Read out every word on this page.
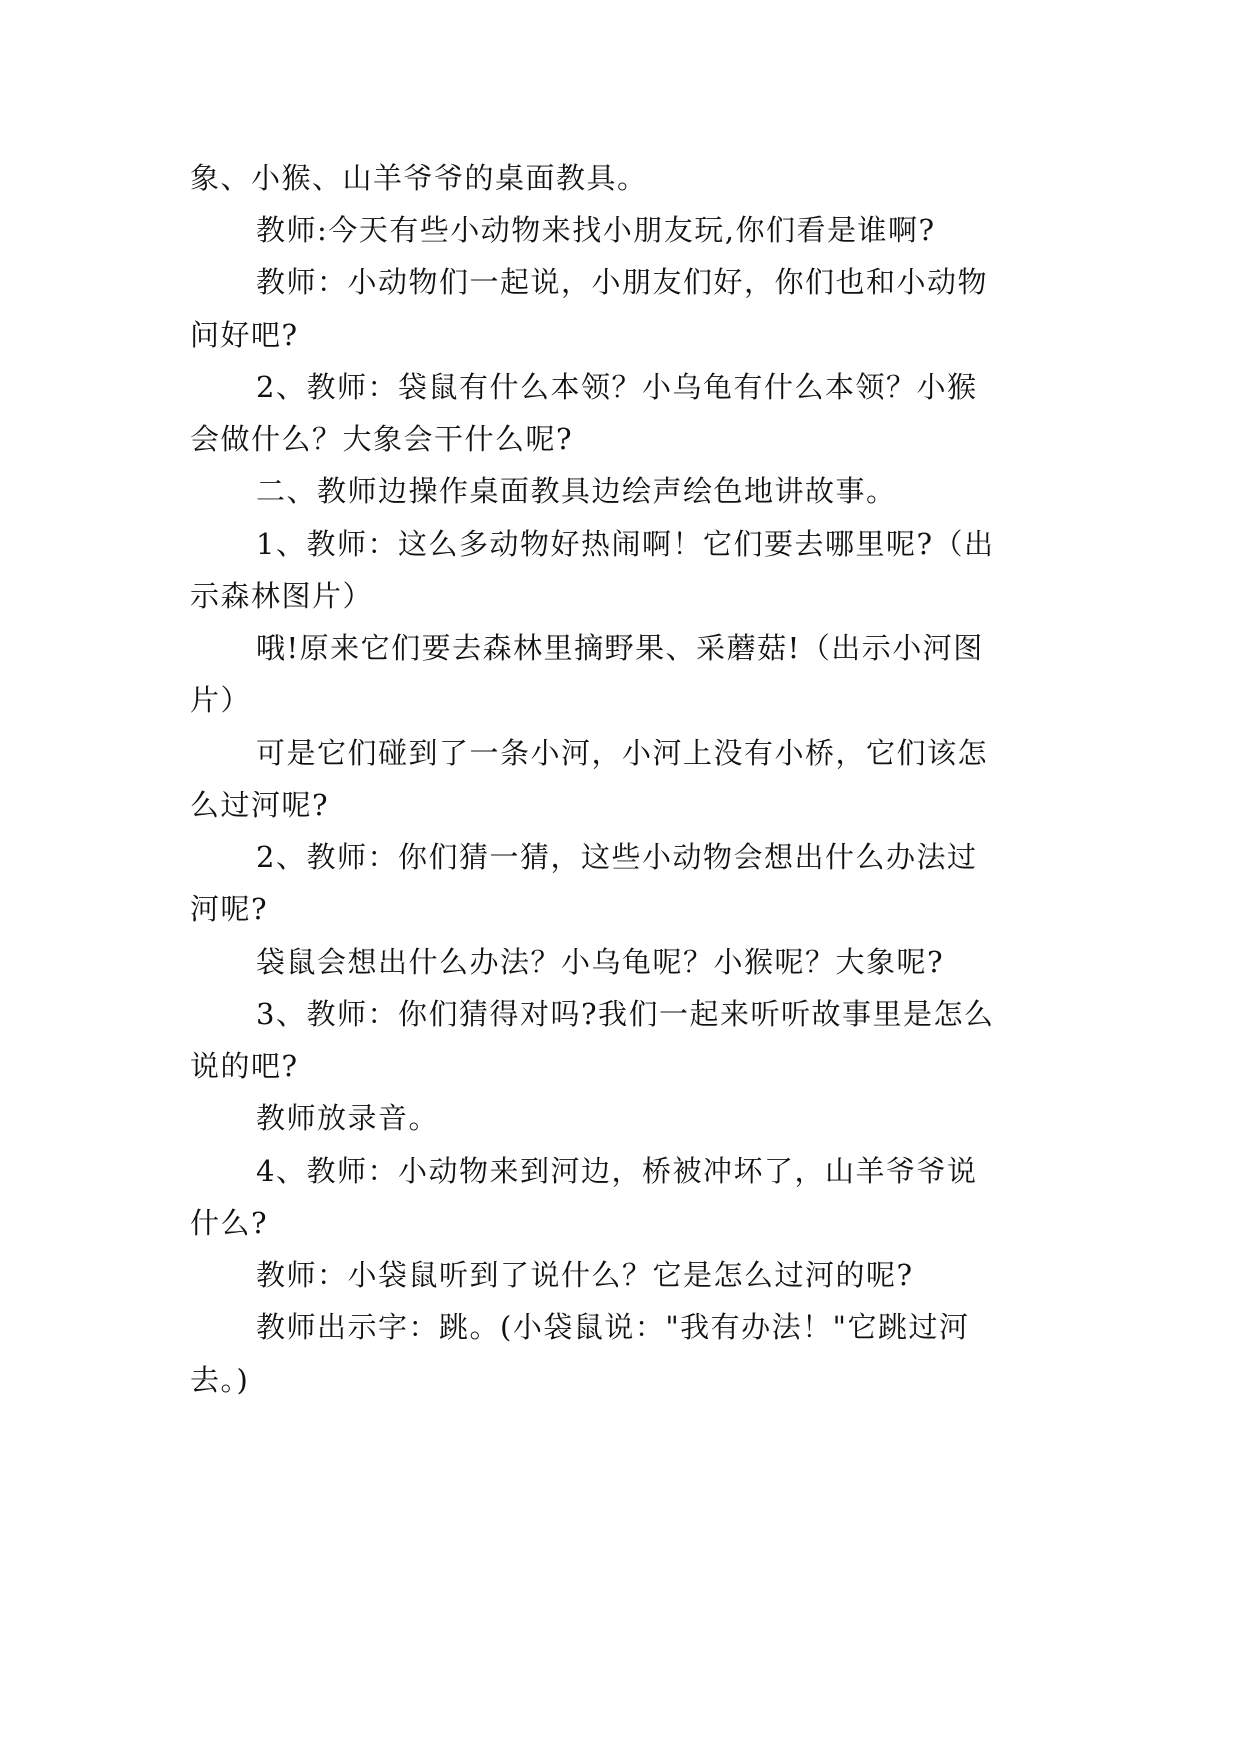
象、小猴、山羊爷爷的桌面教具。
教师:今天有些小动物来找小朋友玩,你们看是谁啊?
教师：小动物们一起说，小朋友们好，你们也和小动物
问好吧?
2、教师：袋鼠有什么本领？小乌龟有什么本领？小猴
会做什么？大象会干什么呢?
二、教师边操作桌面教具边绘声绘色地讲故事。
1、教师：这么多动物好热闹啊！它们要去哪里呢?（出
示森林图片）
哦!原来它们要去森林里摘野果、采蘑菇!（出示小河图
片）
可是它们碰到了一条小河，小河上没有小桥，它们该怎
么过河呢?
2、教师：你们猜一猜，这些小动物会想出什么办法过
河呢?
袋鼠会想出什么办法？小乌龟呢？小猴呢？大象呢?
3、教师：你们猜得对吗?我们一起来听听故事里是怎么
说的吧?
教师放录音。
4、教师：小动物来到河边，桥被冲坏了，山羊爷爷说
什么?
教师：小袋鼠听到了说什么？它是怎么过河的呢?
教师出示字：跳。(小袋鼠说："我有办法！"它跳过河
去。)
